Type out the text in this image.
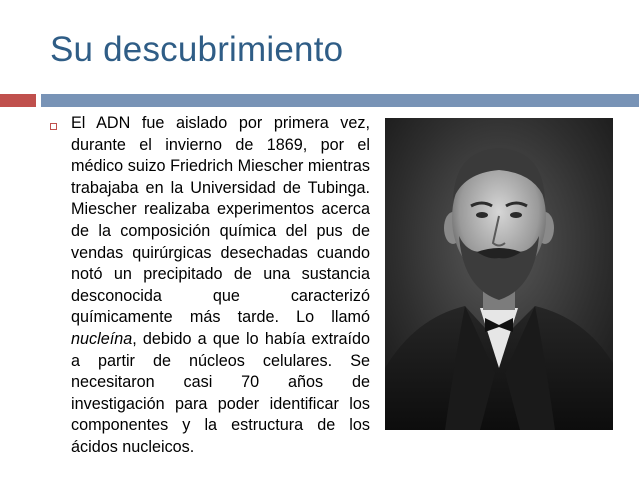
Su descubrimiento
El ADN fue aislado por primera vez, durante el invierno de 1869, por el médico suizo Friedrich Miescher mientras trabajaba en la Universidad de Tubinga. Miescher realizaba experimentos acerca de la composición química del pus de vendas quirúrgicas desechadas cuando notó un precipitado de una sustancia desconocida que caracterizó químicamente más tarde. Lo llamó nucleína, debido a que lo había extraído a partir de núcleos celulares. Se necesitaron casi 70 años de investigación para poder identificar los componentes y la estructura de los ácidos nucleicos.
